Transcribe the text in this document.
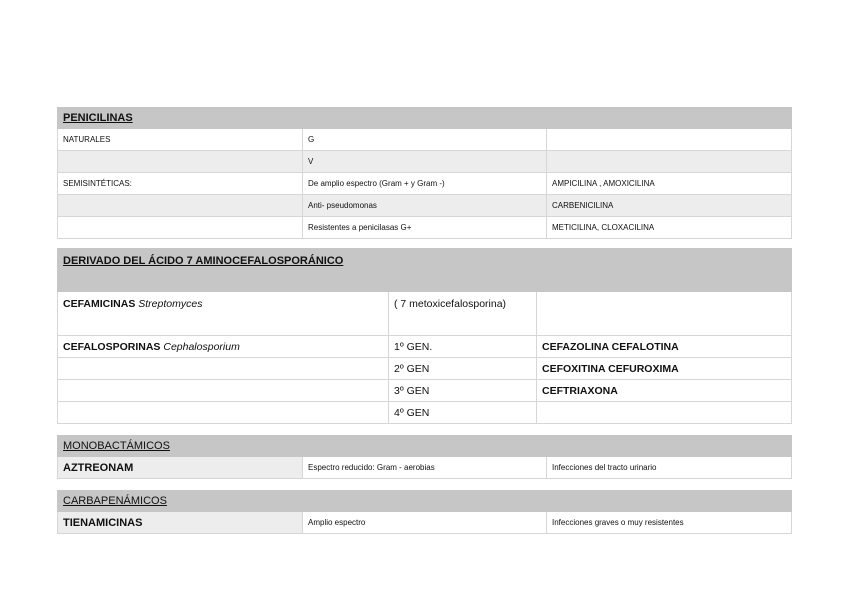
PENICILINAS		
NATURALES	G	
	V	
SEMISINTÉTICAS:	De amplio espectro (Gram + y Gram -)	AMPICILINA , AMOXICILINA
	Anti- pseudomonas	CARBENICILINA
	Resistentes a penicilasas G+	METICILINA, CLOXACILINA
DERIVADO DEL ÁCIDO 7 AMINOCEFALOSPORÁNICO		
CEFAMICINAS Streptomyces	( 7 metoxicefalosporina)	
CEFALOSPORINAS Cephalosporium	1º GEN.	CEFAZOLINA CEFALOTINA
	2º GEN	CEFOXITINA CEFUROXIMA
	3º GEN	CEFTRIAXONA
	4º GEN	
MONOBACTÁMICOS
AZTREONAM	Espectro reducido: Gram - aerobias	Infecciones del tracto urinario
CARBAPENÁMICOS
TIENAMICINAS	Amplio espectro	Infecciones graves o muy resistentes
